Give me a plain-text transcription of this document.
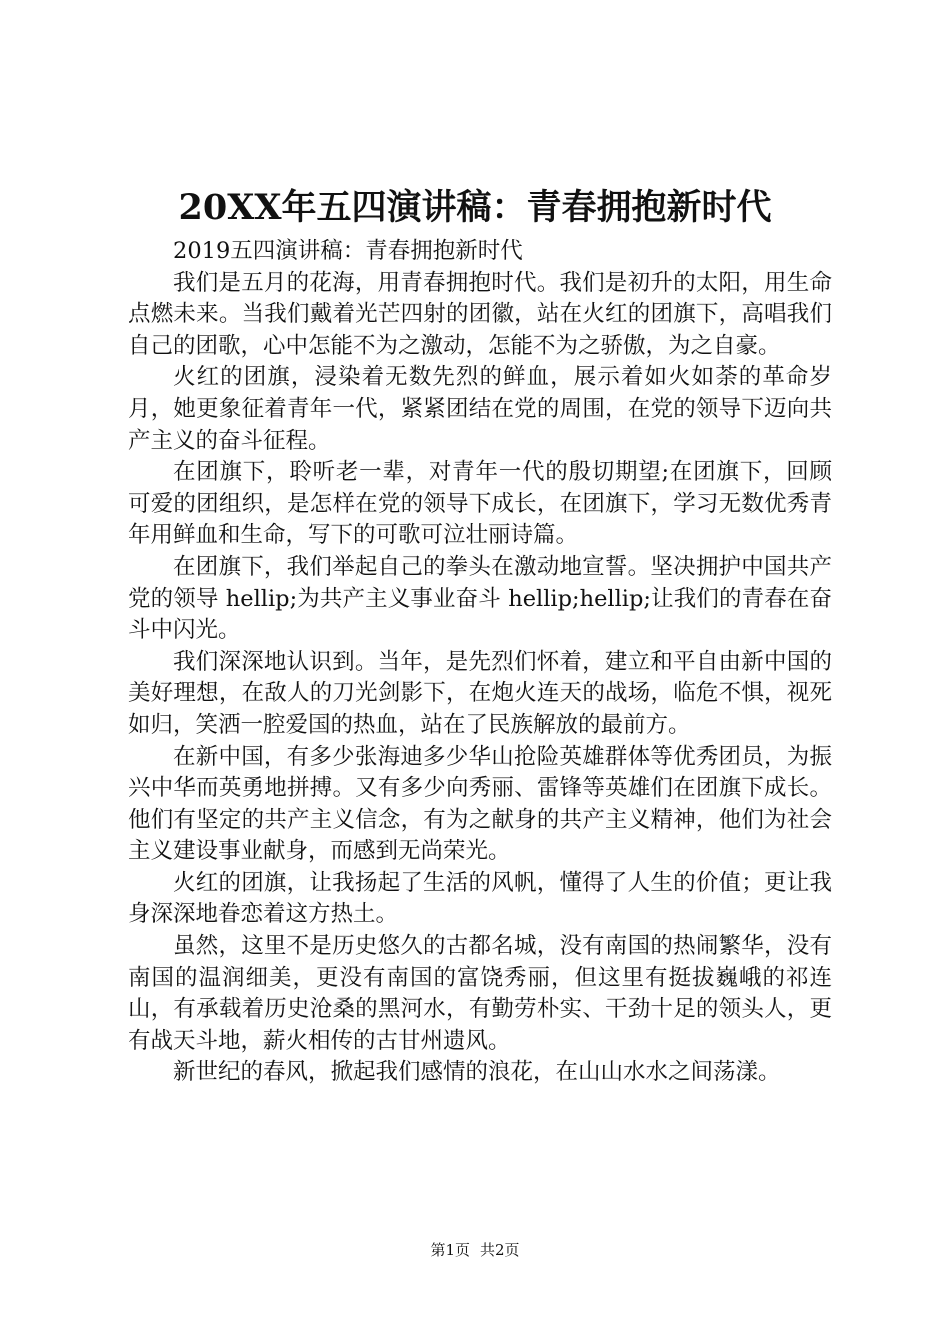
20XX年五四演讲稿：青春拥抱新时代

2019五四演讲稿：青春拥抱新时代

我们是五月的花海，用青春拥抱时代。我们是初升的太阳，用生命点燃未来。当我们戴着光芒四射的团徽，站在火红的团旗下，高唱我们自己的团歌，心中怎能不为之激动，怎能不为之骄傲，为之自豪。

火红的团旗，浸染着无数先烈的鲜血，展示着如火如荼的革命岁月，她更象征着青年一代，紧紧团结在党的周围，在党的领导下迈向共产主义的奋斗征程。

在团旗下，聆听老一辈，对青年一代的殷切期望;在团旗下，回顾可爱的团组织，是怎样在党的领导下成长，在团旗下，学习无数优秀青年用鲜血和生命，写下的可歌可泣壮丽诗篇。

在团旗下，我们举起自己的拳头在激动地宣誓。坚决拥护中国共产党的领导 hellip;为共产主义事业奋斗 hellip;hellip;让我们的青春在奋斗中闪光。

我们深深地认识到。当年，是先烈们怀着，建立和平自由新中国的美好理想，在敌人的刀光剑影下，在炮火连天的战场，临危不惧，视死如归，笑洒一腔爱国的热血，站在了民族解放的最前方。

在新中国，有多少张海迪多少华山抢险英雄群体等优秀团员，为振兴中华而英勇地拼搏。又有多少向秀丽、雷锋等英雄们在团旗下成长。他们有坚定的共产主义信念，有为之献身的共产主义精神，他们为社会主义建设事业献身，而感到无尚荣光。

火红的团旗，让我扬起了生活的风帆，懂得了人生的价值；更让我身深深地眷恋着这方热土。

虽然，这里不是历史悠久的古都名城，没有南国的热闹繁华，没有南国的温润细美，更没有南国的富饶秀丽，但这里有挺拔巍峨的祁连山，有承载着历史沧桑的黑河水，有勤劳朴实、干劲十足的领头人，更有战天斗地，薪火相传的古甘州遗风。

新世纪的春风，掀起我们感情的浪花，在山山水水之间荡漾。

第1页 共2页
